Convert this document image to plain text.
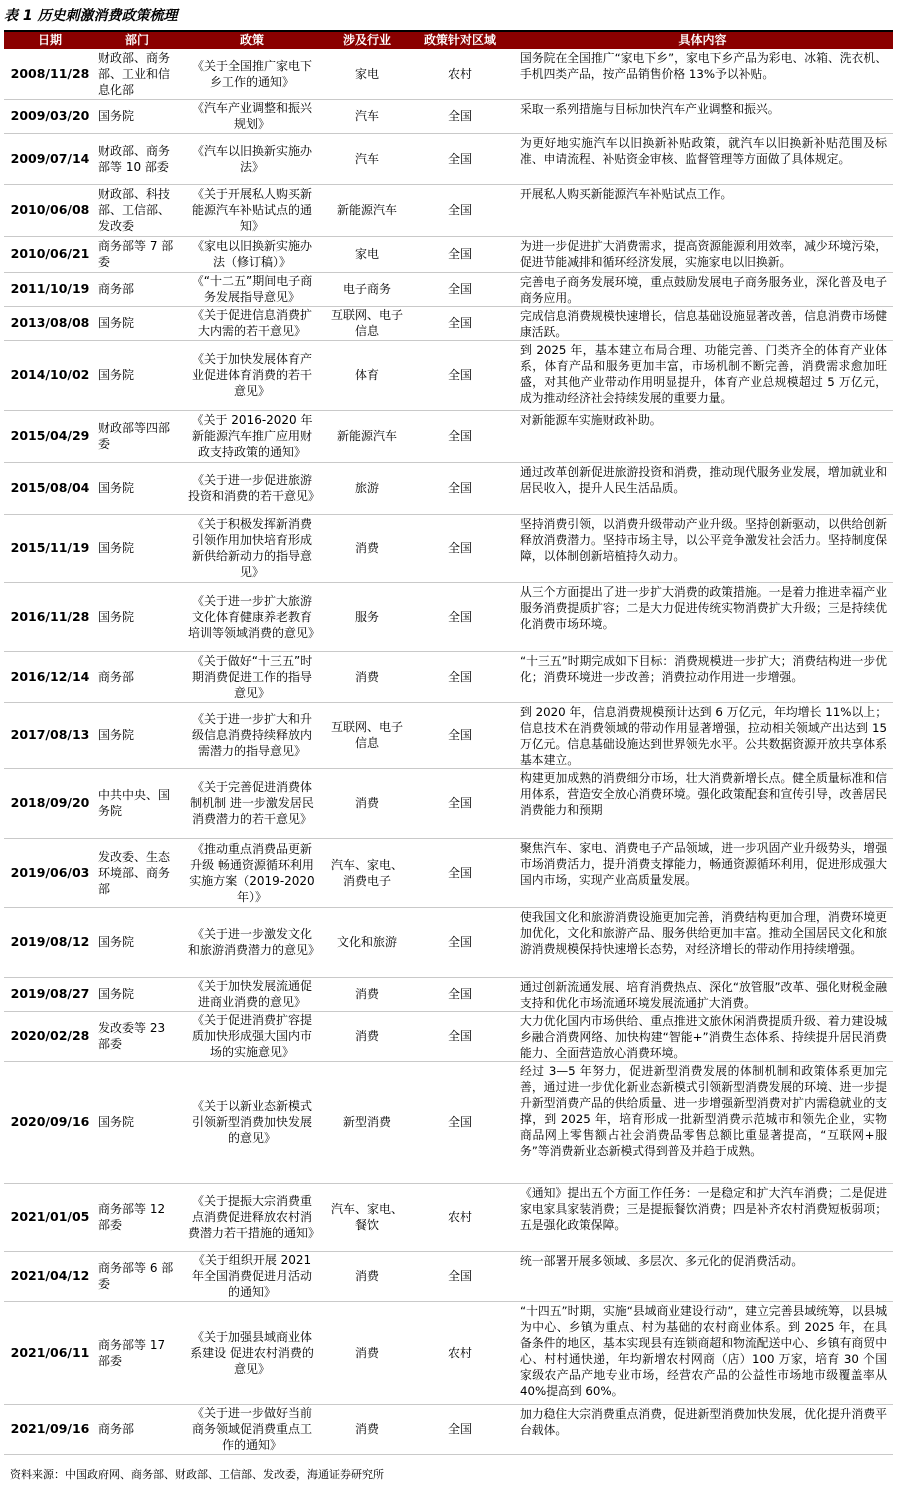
表 1 历史刺激消费政策梳理
日期	部门	政策	涉及行业	政策针对区域	具体内容
2008/11/28	财政部、商务部、工业和信息化部	《关于全国推广家电下乡工作的通知》	家电	农村	国务院在全国推广“家电下乡”，家电下乡产品为彩电、冰箱、洗衣机、手机四类产品，按产品销售价格 13%予以补贴。
2009/03/20	国务院	《汽车产业调整和振兴规划》	汽车	全国	采取一系列措施与目标加快汽车产业调整和振兴。
2009/07/14	财政部、商务部等 10 部委	《汽车以旧换新实施办法》	汽车	全国	为更好地实施汽车以旧换新补贴政策，就汽车以旧换新补贴范围及标准、申请流程、补贴资金审核、监督管理等方面做了具体规定。
2010/06/08	财政部、科技部、工信部、发改委	《关于开展私人购买新能源汽车补贴试点的通知》	新能源汽车	全国	开展私人购买新能源汽车补贴试点工作。
2010/06/21	商务部等 7 部委	《家电以旧换新实施办法（修订稿）》	家电	全国	为进一步促进扩大消费需求，提高资源能源利用效率，减少环境污染，促进节能减排和循环经济发展，实施家电以旧换新。
2011/10/19	商务部	《“十二五”期间电子商务发展指导意见》	电子商务	全国	完善电子商务发展环境，重点鼓励发展电子商务服务业，深化普及电子商务应用。
2013/08/08	国务院	《关于促进信息消费扩大内需的若干意见》	互联网、电子信息	全国	完成信息消费规模快速增长，信息基础设施显著改善，信息消费市场健康活跃。
2014/10/02	国务院	《关于加快发展体育产业促进体育消费的若干意见》	体育	全国	到 2025 年，基本建立布局合理、功能完善、门类齐全的体育产业体系，体育产品和服务更加丰富，市场机制不断完善，消费需求愈加旺盛，对其他产业带动作用明显提升，体育产业总规模超过 5 万亿元，成为推动经济社会持续发展的重要力量。
2015/04/29	财政部等四部委	《关于 2016-2020 年新能源汽车推广应用财政支持政策的通知》	新能源汽车	全国	对新能源车实施财政补助。
2015/08/04	国务院	《关于进一步促进旅游投资和消费的若干意见》	旅游	全国	通过改革创新促进旅游投资和消费，推动现代服务业发展，增加就业和居民收入，提升人民生活品质。
2015/11/19	国务院	《关于积极发挥新消费引领作用加快培育形成新供给新动力的指导意见》	消费	全国	坚持消费引领，以消费升级带动产业升级。坚持创新驱动，以供给创新释放消费潜力。坚持市场主导，以公平竞争激发社会活力。坚持制度保障，以体制创新培植持久动力。
2016/11/28	国务院	《关于进一步扩大旅游文化体育健康养老教育培训等领域消费的意见》	服务	全国	从三个方面提出了进一步扩大消费的政策措施。一是着力推进幸福产业服务消费提质扩容；二是大力促进传统实物消费扩大升级；三是持续优化消费市场环境。
2016/12/14	商务部	《关于做好“十三五”时期消费促进工作的指导意见》	消费	全国	“十三五”时期完成如下目标：消费规模进一步扩大；消费结构进一步优化；消费环境进一步改善；消费拉动作用进一步增强。
2017/08/13	国务院	《关于进一步扩大和升级信息消费持续释放内需潜力的指导意见》	互联网、电子信息	全国	到 2020 年，信息消费规模预计达到 6 万亿元，年均增长 11%以上；信息技术在消费领域的带动作用显著增强，拉动相关领域产出达到 15 万亿元。信息基础设施达到世界领先水平。公共数据资源开放共享体系基本建立。
2018/09/20	中共中央、国务院	《关于完善促进消费体制机制 进一步激发居民消费潜力的若干意见》	消费	全国	构建更加成熟的消费细分市场，壮大消费新增长点。健全质量标准和信用体系，营造安全放心消费环境。强化政策配套和宣传引导，改善居民消费能力和预期
2019/06/03	发改委、生态环境部、商务部	《推动重点消费品更新升级 畅通资源循环利用实施方案（2019-2020 年）》	汽车、家电、消费电子	全国	聚焦汽车、家电、消费电子产品领域，进一步巩固产业升级势头，增强市场消费活力，提升消费支撑能力，畅通资源循环利用，促进形成强大国内市场，实现产业高质量发展。
2019/08/12	国务院	《关于进一步激发文化和旅游消费潜力的意见》	文化和旅游	全国	使我国文化和旅游消费设施更加完善，消费结构更加合理，消费环境更加优化，文化和旅游产品、服务供给更加丰富。推动全国居民文化和旅游消费规模保持快速增长态势，对经济增长的带动作用持续增强。
2019/08/27	国务院	《关于加快发展流通促进商业消费的意见》	消费	全国	通过创新流通发展、培育消费热点、深化“放管服”改革、强化财税金融支持和优化市场流通环境发展流通扩大消费。
2020/02/28	发改委等 23 部委	《关于促进消费扩容提质加快形成强大国内市场的实施意见》	消费	全国	大力优化国内市场供给、重点推进文旅休闲消费提质升级、着力建设城乡融合消费网络、加快构建“智能+”消费生态体系、持续提升居民消费能力、全面营造放心消费环境。
2020/09/16	国务院	《关于以新业态新模式引领新型消费加快发展的意见》	新型消费	全国	经过 3—5 年努力，促进新型消费发展的体制机制和政策体系更加完善，通过进一步优化新业态新模式引领新型消费发展的环境、进一步提升新型消费产品的供给质量、进一步增强新型消费对扩内需稳就业的支撑，到 2025 年，培育形成一批新型消费示范城市和领先企业，实物商品网上零售额占社会消费品零售总额比重显著提高，“互联网+服务”等消费新业态新模式得到普及并趋于成熟。
2021/01/05	商务部等 12 部委	《关于提振大宗消费重点消费促进释放农村消费潜力若干措施的通知》	汽车、家电、餐饮	农村	《通知》提出五个方面工作任务：一是稳定和扩大汽车消费；二是促进家电家具家装消费；三是提振餐饮消费；四是补齐农村消费短板弱项；五是强化政策保障。
2021/04/12	商务部等 6 部委	《关于组织开展 2021 年全国消费促进月活动的通知》	消费	全国	统一部署开展多领域、多层次、多元化的促消费活动。
2021/06/11	商务部等 17 部委	《关于加强县域商业体系建设 促进农村消费的意见》	消费	农村	“十四五”时期，实施“县域商业建设行动”，建立完善县域统筹，以县城为中心、乡镇为重点、村为基础的农村商业体系。到 2025 年，在具备条件的地区，基本实现县有连锁商超和物流配送中心、乡镇有商贸中心、村村通快递，年均新增农村网商（店）100 万家，培育 30 个国家级农产品产地专业市场，经营农产品的公益性市场地市级覆盖率从 40%提高到 60%。
2021/09/16	商务部	《关于进一步做好当前商务领域促消费重点工作的通知》	消费	全国	加力稳住大宗消费重点消费，促进新型消费加快发展，优化提升消费平台载体。
资料来源：中国政府网、商务部、财政部、工信部、发改委，海通证券研究所
